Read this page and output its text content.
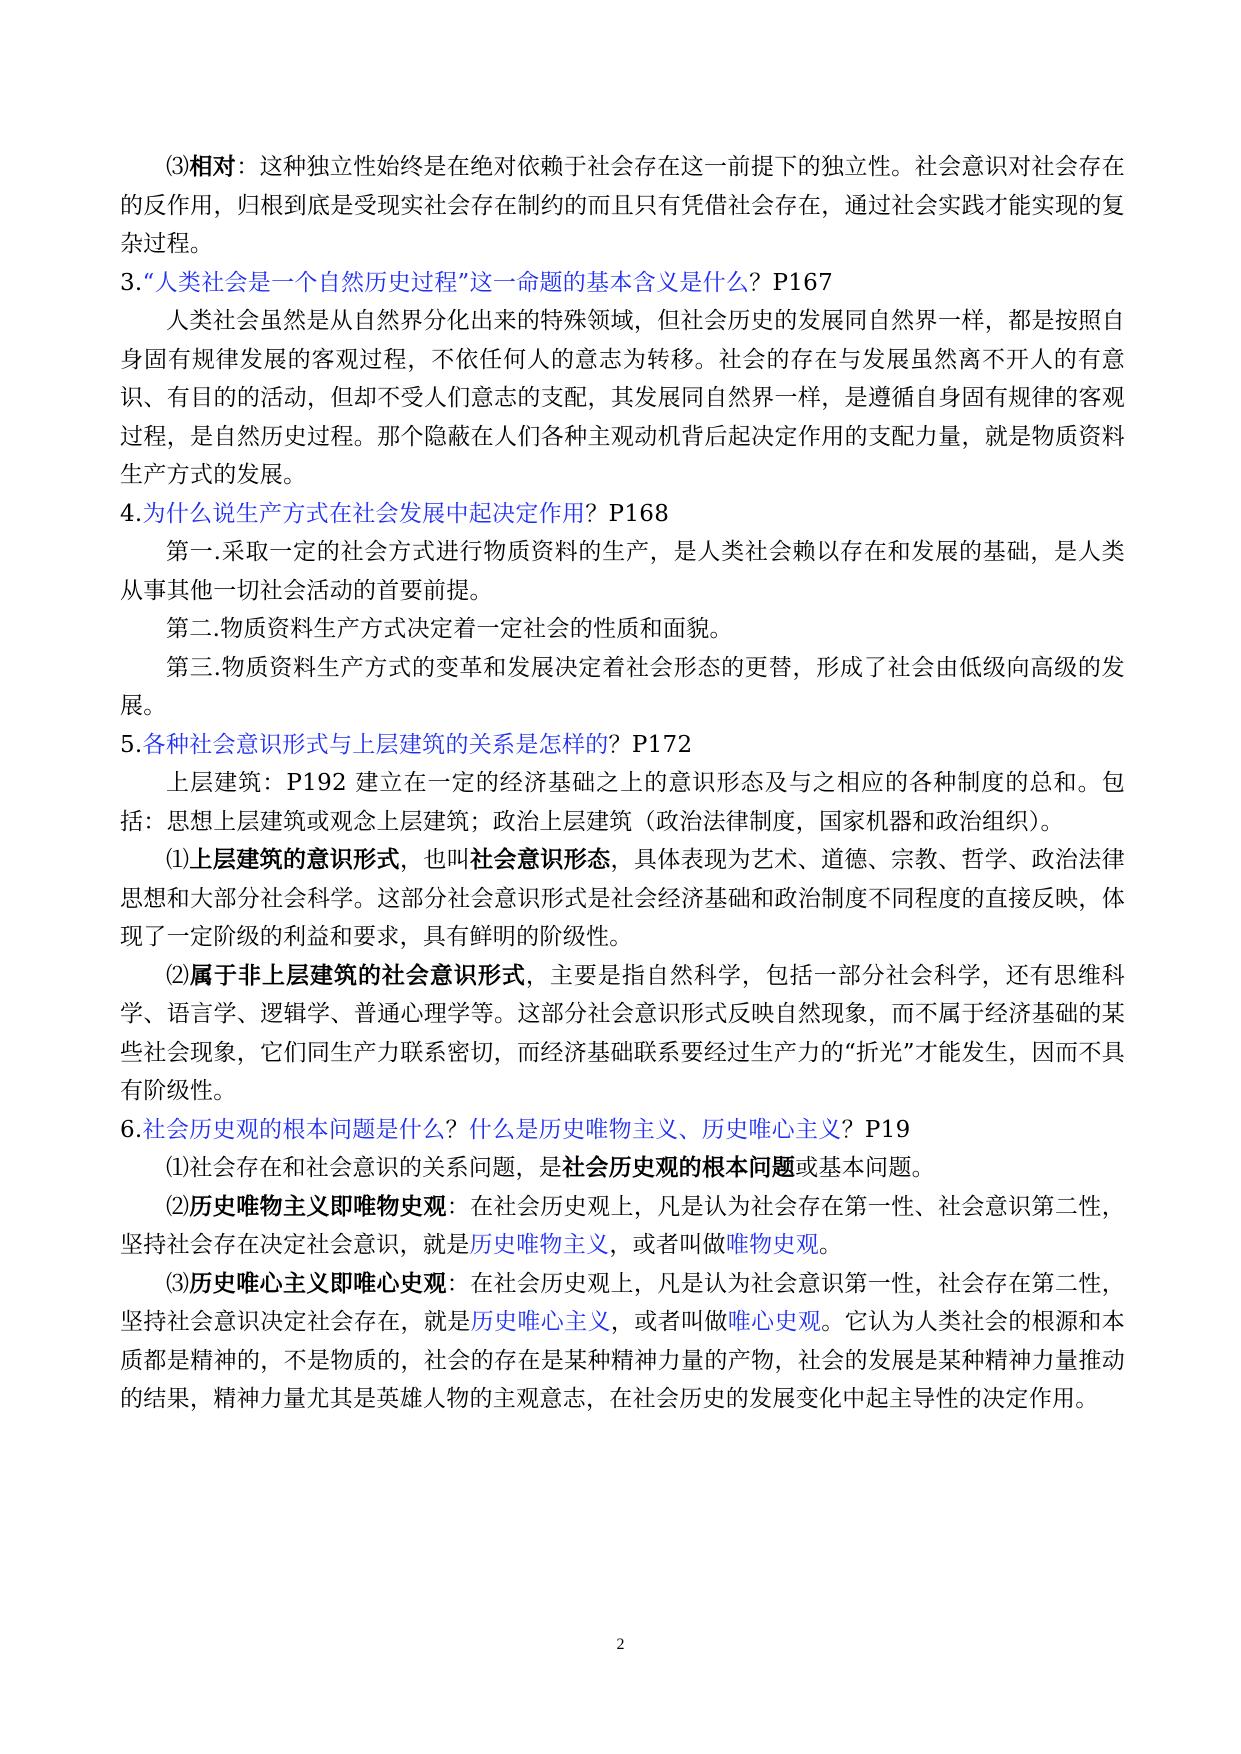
⑶相对：这种独立性始终是在绝对依赖于社会存在这一前提下的独立性。社会意识对社会存在的反作用，归根到底是受现实社会存在制约的而且只有凭借社会存在，通过社会实践才能实现的复杂过程。

3.“人类社会是一个自然历史过程”这一命题的基本含义是什么？P167

人类社会虽然是从自然界分化出来的特殊领域，但社会历史的发展同自然界一样，都是按照自身固有规律发展的客观过程，不依任何人的意志为转移。社会的存在与发展虽然离不开人的有意识、有目的的活动，但却不受人们意志的支配，其发展同自然界一样，是遵循自身固有规律的客观过程，是自然历史过程。那个隐蔽在人们各种主观动机背后起决定作用的支配力量，就是物质资料生产方式的发展。

4.为什么说生产方式在社会发展中起决定作用？P168

第一.采取一定的社会方式进行物质资料的生产，是人类社会赖以存在和发展的基础，是人类从事其他一切社会活动的首要前提。

第二.物质资料生产方式决定着一定社会的性质和面貌。

第三.物质资料生产方式的变革和发展决定着社会形态的更替，形成了社会由低级向高级的发展。

5.各种社会意识形式与上层建筑的关系是怎样的？P172

上层建筑：P192 建立在一定的经济基础之上的意识形态及与之相应的各种制度的总和。包括：思想上层建筑或观念上层建筑；政治上层建筑（政治法律制度，国家机器和政治组织）。

⑴上层建筑的意识形式，也叫社会意识形态，具体表现为艺术、道德、宗教、哲学、政治法律思想和大部分社会科学。这部分社会意识形式是社会经济基础和政治制度不同程度的直接反映，体现了一定阶级的利益和要求，具有鲜明的阶级性。

⑵属于非上层建筑的社会意识形式，主要是指自然科学，包括一部分社会科学，还有思维科学、语言学、逻辑学、普通心理学等。这部分社会意识形式反映自然现象，而不属于经济基础的某些社会现象，它们同生产力联系密切，而经济基础联系要经过生产力的“折光”才能发生，因而不具有阶级性。

6.社会历史观的根本问题是什么？什么是历史唯物主义、历史唯心主义？P19

⑴社会存在和社会意识的关系问题，是社会历史观的根本问题或基本问题。

⑵历史唯物主义即唯物史观：在社会历史观上，凡是认为社会存在第一性、社会意识第二性，坚持社会存在决定社会意识，就是历史唯物主义，或者叫做唯物史观。

⑶历史唯心主义即唯心史观：在社会历史观上，凡是认为社会意识第一性，社会存在第二性，坚持社会意识决定社会存在，就是历史唯心主义，或者叫做唯心史观。它认为人类社会的根源和本质都是精神的，不是物质的，社会的存在是某种精神力量的产物，社会的发展是某种精神力量推动的结果，精神力量尤其是英雄人物的主观意志，在社会历史的发展变化中起主导性的决定作用。

2
